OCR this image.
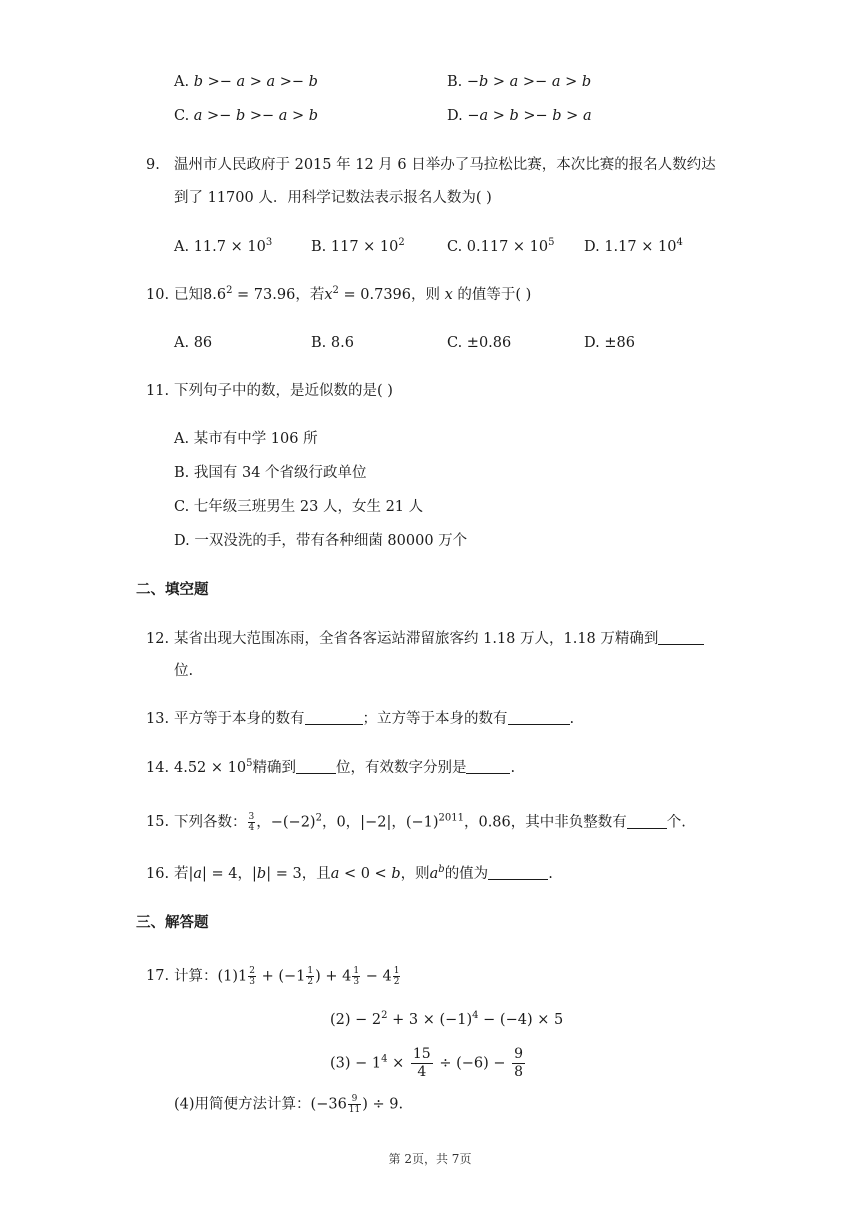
A. b >− a > a >− b	B. −b > a >− a > b
C. a >− b >− a > b	D. −a > b >− b > a
9. 温州市人民政府于 2015 年 12 月 6 日举办了马拉松比赛，本次比赛的报名人数约达
到了 11700 人．用科学记数法表示报名人数为( )
A. $11.7 \times 10^3$	B. $117 \times 10^2$	C. $0.117 \times 10^5$ D. $1.17 \times 10^4$
10. 已知$8.6^2 = 73.96$，若$x^2 = 0.7396$，则 x 的值等于( )
A. 86	B. 8.6	C. ±0.86	D. ±86
11. 下列句子中的数，是近似数的是( )
A. 某市有中学 106 所
B. 我国有 34 个省级行政单位
C. 七年级三班男生 23 人，女生 21 人
D. 一双没洗的手，带有各种细菌 80000 万个
二、填空题
12. 某省出现大范围冻雨，全省各客运站滞留旅客约 1.18 万人，1.18 万精确到
位.
13. 平方等于本身的数有	；立方等于本身的数有	.
14. $4.52 \times 10^5$精确到	位，有效数字分别是	.
15. 下列各数： $\frac{3}{4}$ ，$-(-2)^2$，0，|−2|，$(-1)^{2011}$，0.86，其中非负整数有	个.
16. 若|a| = 4，|b| = 3，且a < 0 < b，则$a^b$的值为	.
三、解答题
17. 计算：$(1)1 \frac{2}{3} + (-1 \frac{1}{2}$ ) + $4 \frac{1}{3} - 4 \frac{1}{2}$
$(2) - 2^2 + 3 \times (-1)^4 - (-4) \times 5$
$(3) - 1^4 \times \frac{15}{4} \div (-6) - \frac{9}{8}$
(4)用简便方法计算：($-36 \frac{9}{11}$ ) ÷ 9.
第 2页，共 7页
